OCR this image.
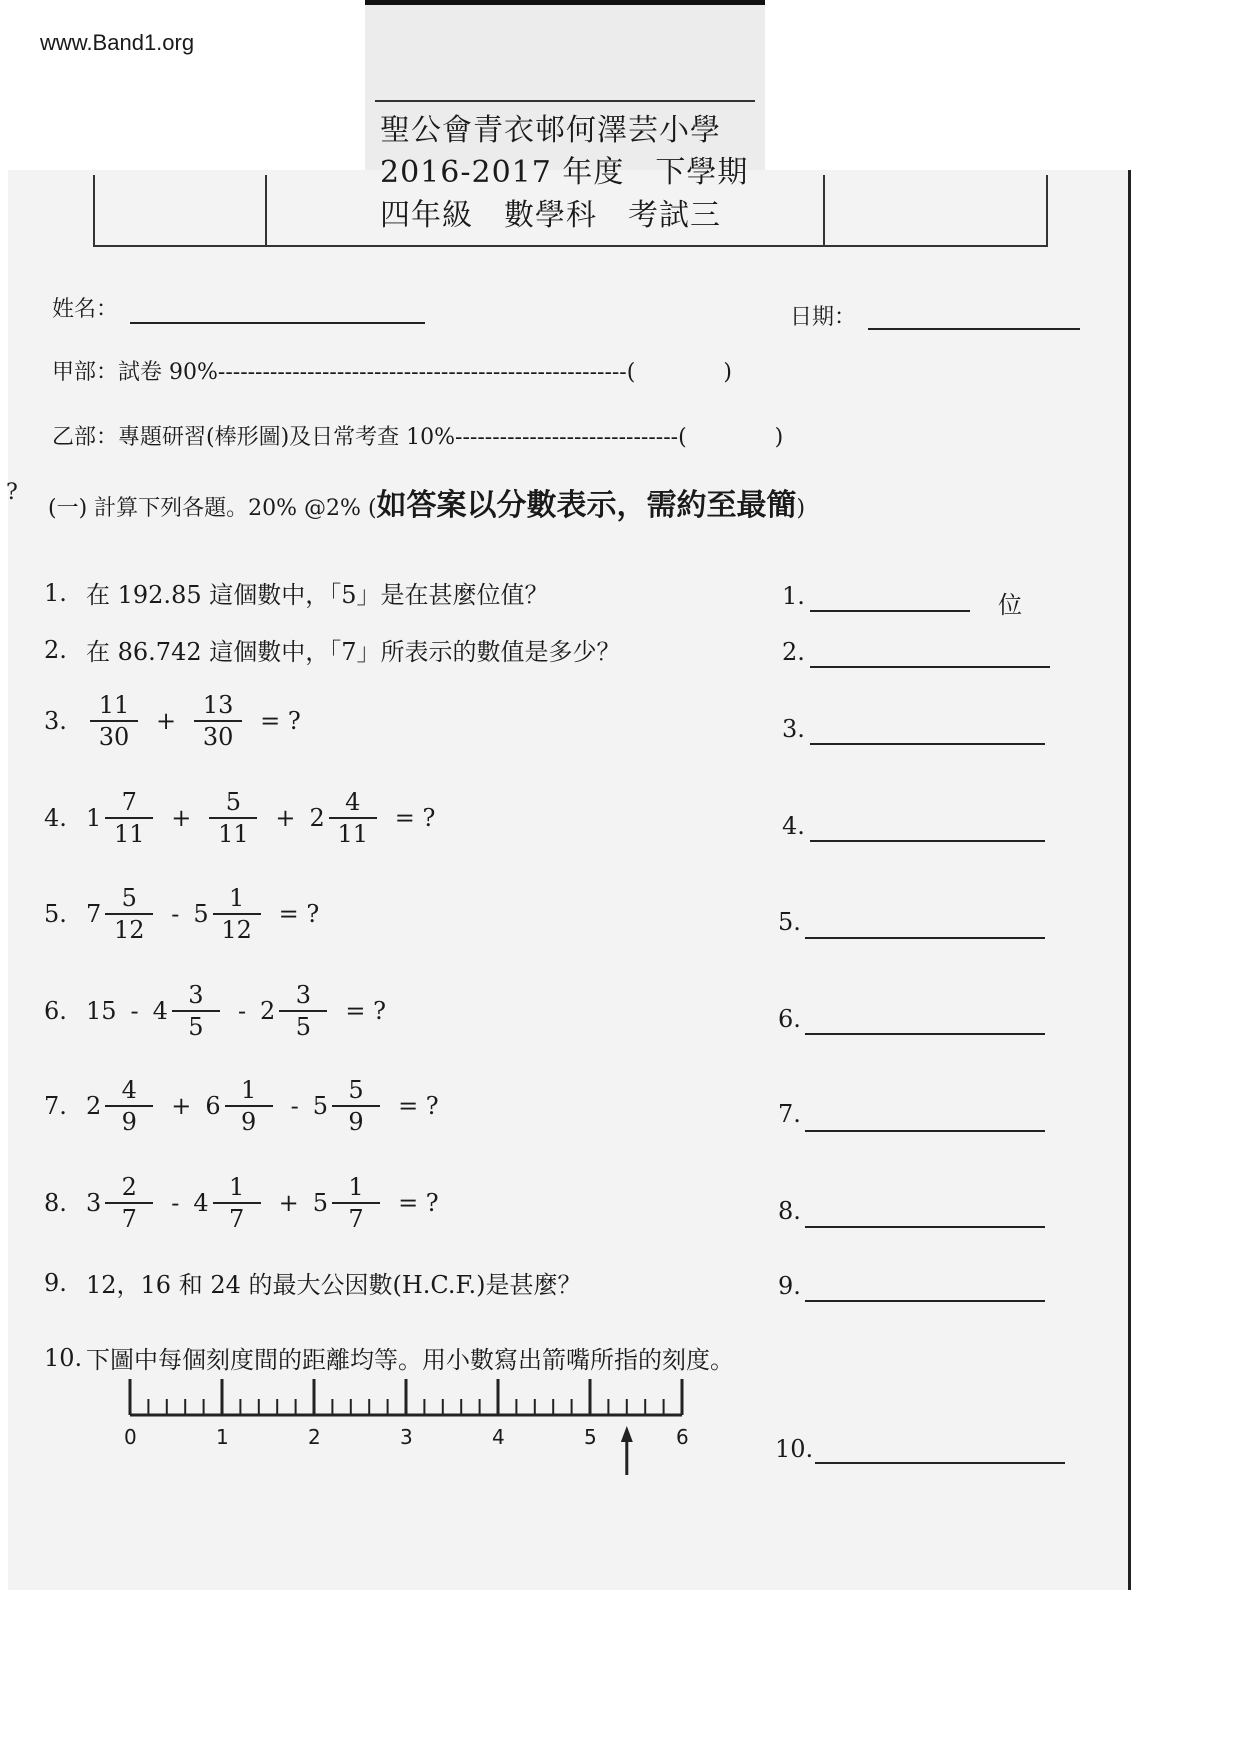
www.Band1.org
聖公會青衣邨何澤芸小學
2016-2017 年度　下學期
四年級　數學科　考試三
姓名：	日期：
甲部：試卷 90%-------------------------------------------------------(　　　　)
乙部：專題研習(棒形圖)及日常考查 10%------------------------------(　　　　)
?
(一) 計算下列各題。20% @2% ( 如答案以分數表示，需約至最簡 )
1. 在 192.85 這個數中，「5」是在甚麼位值？	1.	位
2. 在 86.742 這個數中，「7」所表示的數值是多少？	2.
3. $\frac{11}{30} + \frac{13}{30}$ = ?	3.
4. $1 \frac{7}{11} + \frac{5}{11} + 2 \frac{4}{11}$ = ?	4.
5. $7 \frac{5}{12} - 5 \frac{1}{12}$ = ?	5.
6. $15 - 4 \frac{3}{5} - 2 \frac{3}{5}$ = ?	6.
7. $2 \frac{4}{9} + 6 \frac{1}{9} - 5 \frac{5}{9}$ = ?	7.
8. $3 \frac{2}{7} - 4 \frac{1}{7} + 5 \frac{1}{7}$ = ?	8.
9. 12，16 和 24 的最大公因數(H.C.F.)是甚麼？	9.
10. 下圖中每個刻度間的距離均等。用小數寫出箭嘴所指的刻度。
0	1	2	3	4	5	6	10.
